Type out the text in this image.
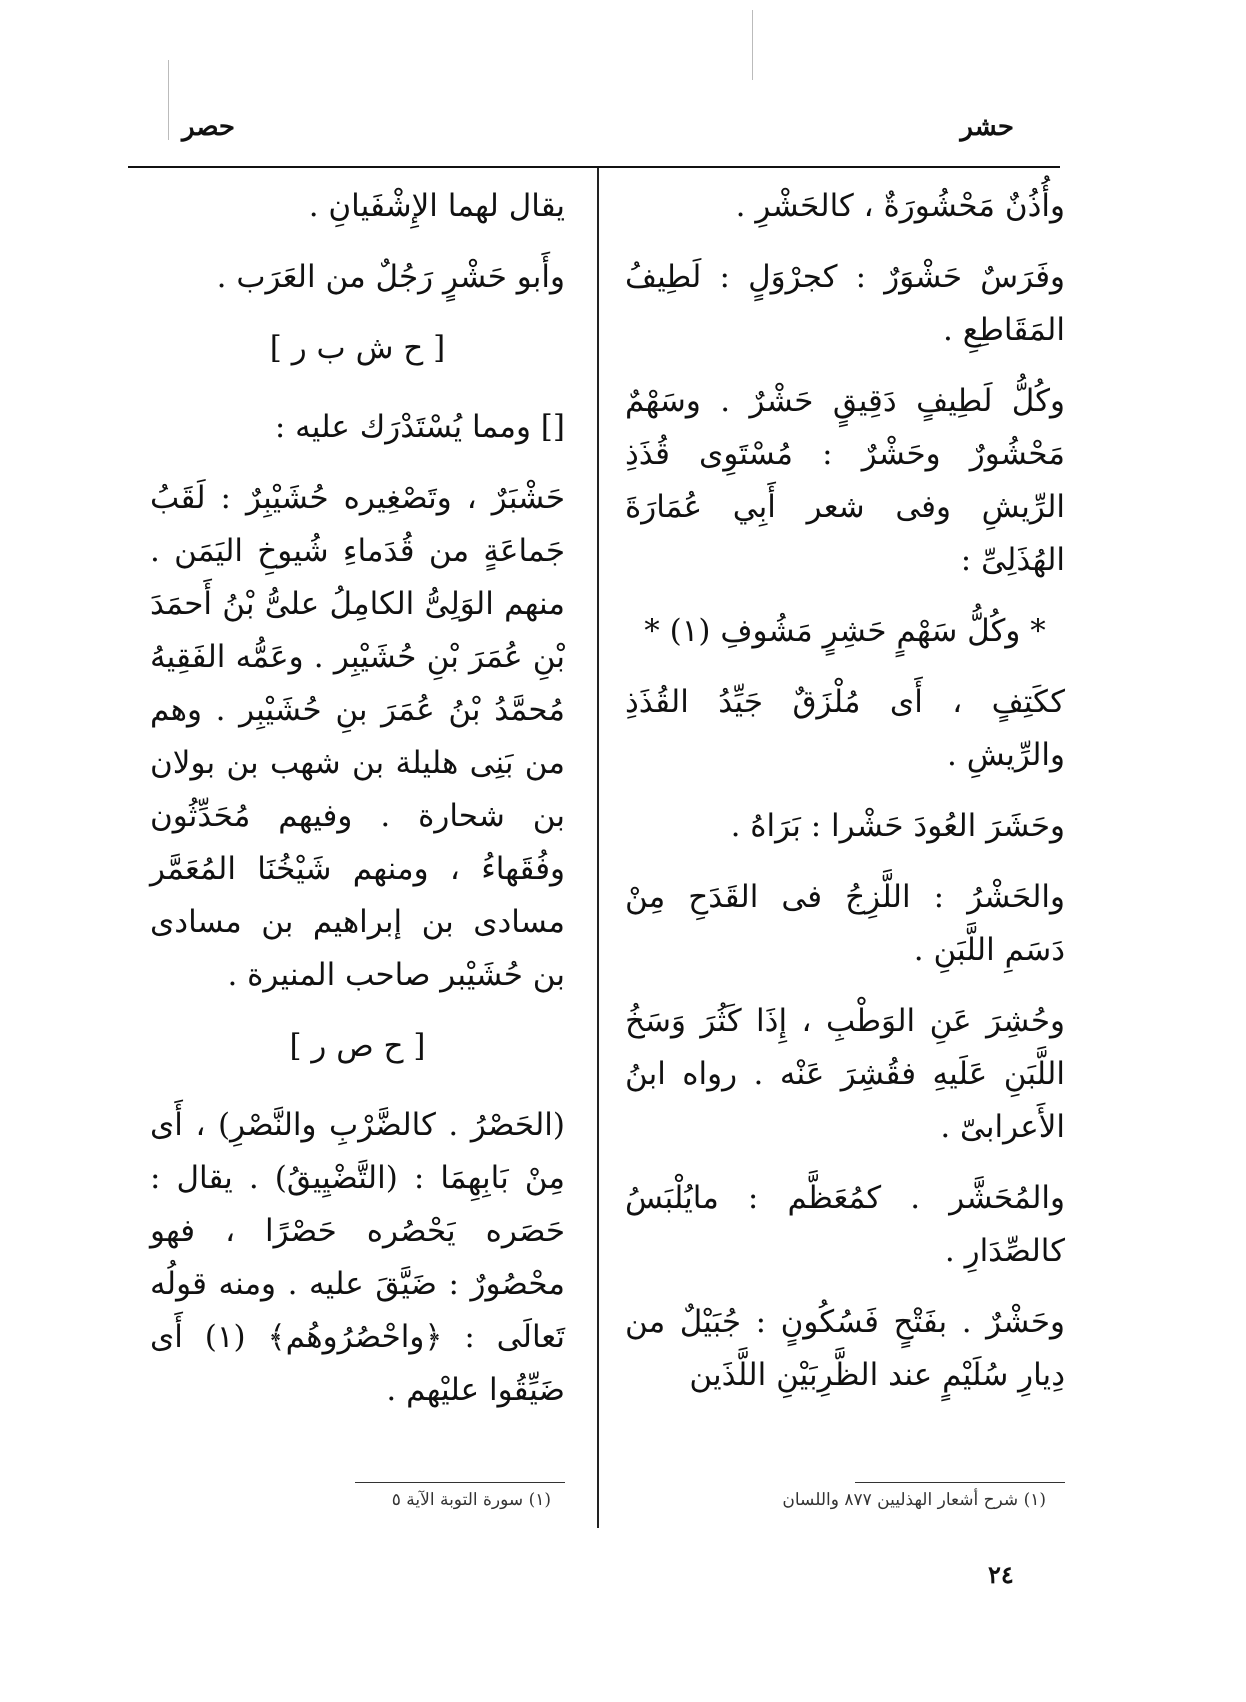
حشر
حصر

وأُذُنٌ مَحْشُورَةٌ ، كالحَشْرِ .

وفَرَسٌ حَشْوَرٌ : كجرْوَلٍ : لَطِيفُ المَقَاطِعِ .

وكُلُّ لَطِيفٍ دَقِيقٍ حَشْرٌ . وسَهْمٌ مَحْشُورٌ وحَشْرٌ : مُسْتَوِى قُذَذِ الرِّيشِ وفى شعر أَبِي عُمَارَةَ الهُذَلِىِّ :

* وكُلُّ سَهْمٍ حَشِرٍ مَشُوفِ (١) *

ككَتِفٍ ، أَى مُلْزَقٌ جَيِّدُ القُذَذِ والرِّيشِ .

وحَشَرَ العُودَ حَشْرا : بَرَاهُ .

والحَشْرُ : اللَّزِجُ فى القَدَحِ مِنْ دَسَمِ اللَّبَنِ .

وحُشِرَ عَنِ الوَطْبِ ، إِذَا كَثُرَ وَسَخُ اللَّبَنِ عَلَيهِ فقُشِرَ عَنْه . رواه ابنُ الأَعرابىّ .

والمُحَشَّر . كمُعَظَّم : مايُلْبَسُ كالصِّدَارِ .

وحَشْرٌ . بفَتْحٍ فَسُكُونٍ : جُبَيْلٌ من دِيارِ سُلَيْمٍ عند الظَّرِبَيْنِ اللَّذَين

يقال لهما الإِشْفَيانِ .

وأَبو حَشْرٍ رَجُلٌ من العَرَب .

[ ح ش ب ر ]

[] ومما يُسْتَدْرَك عليه :

حَشْبَرٌ ، وتَصْغِيره حُشَيْبِرٌ : لَقَبُ جَماعَةٍ من قُدَماءِ شُيوخِ اليَمَن . منهم الوَلِىُّ الكامِلُ علىُّ بْنُ أَحمَدَ بْنِ عُمَرَ بْنِ حُشَيْبِر . وعَمُّه الفَقِيهُ مُحمَّدُ بْنُ عُمَرَ بنِ حُشَيْبِر . وهم من بَنِى هليلة بن شهب بن بولان بن شحارة . وفيهم مُحَدِّثُون وفُقَهاءُ ، ومنهم شَيْخُنَا المُعَمَّر مسادى بن إبراهيم بن مسادى بن حُشَيْبر صاحب المنيرة .

[ ح ص ر ]

(الحَصْرُ . كالضَّرْبِ والنَّصْرِ) ، أَى مِنْ بَابِهِمَا : (التَّضْيِيقُ) . يقال : حَصَره يَحْصُره حَصْرًا ، فهو محْصُورٌ : ضَيَّقَ عليه . ومنه قولُه تَعالَى : ﴿واحْصُرُوهُم﴾ (١) أَى ضَيِّقُوا عليْهم .

(١) شرح أشعار الهذليين ٨٧٧ واللسان
(١) سورة التوبة الآية ٥
٢٤
